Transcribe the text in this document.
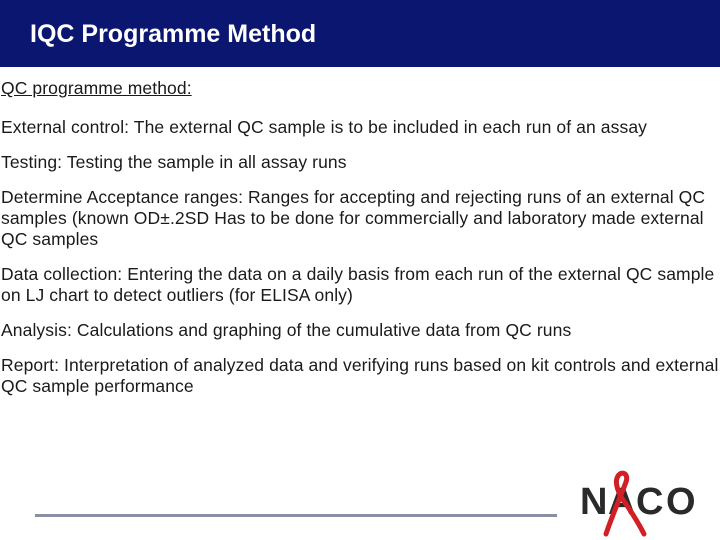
IQC Programme Method

QC programme method:

External control: The external QC sample is to be included in each run of an assay

Testing: Testing the sample in all assay runs

Determine Acceptance ranges: Ranges for accepting and rejecting runs of an external QC samples (known OD±.2SD Has to be done for commercially and laboratory made external QC samples

Data collection: Entering the data on a daily basis from each run of the external QC sample on LJ chart to detect outliers (for ELISA only)

Analysis: Calculations and graphing of the cumulative data from QC runs

Report: Interpretation of analyzed data and verifying runs based on kit controls and external QC sample performance

N A C O
